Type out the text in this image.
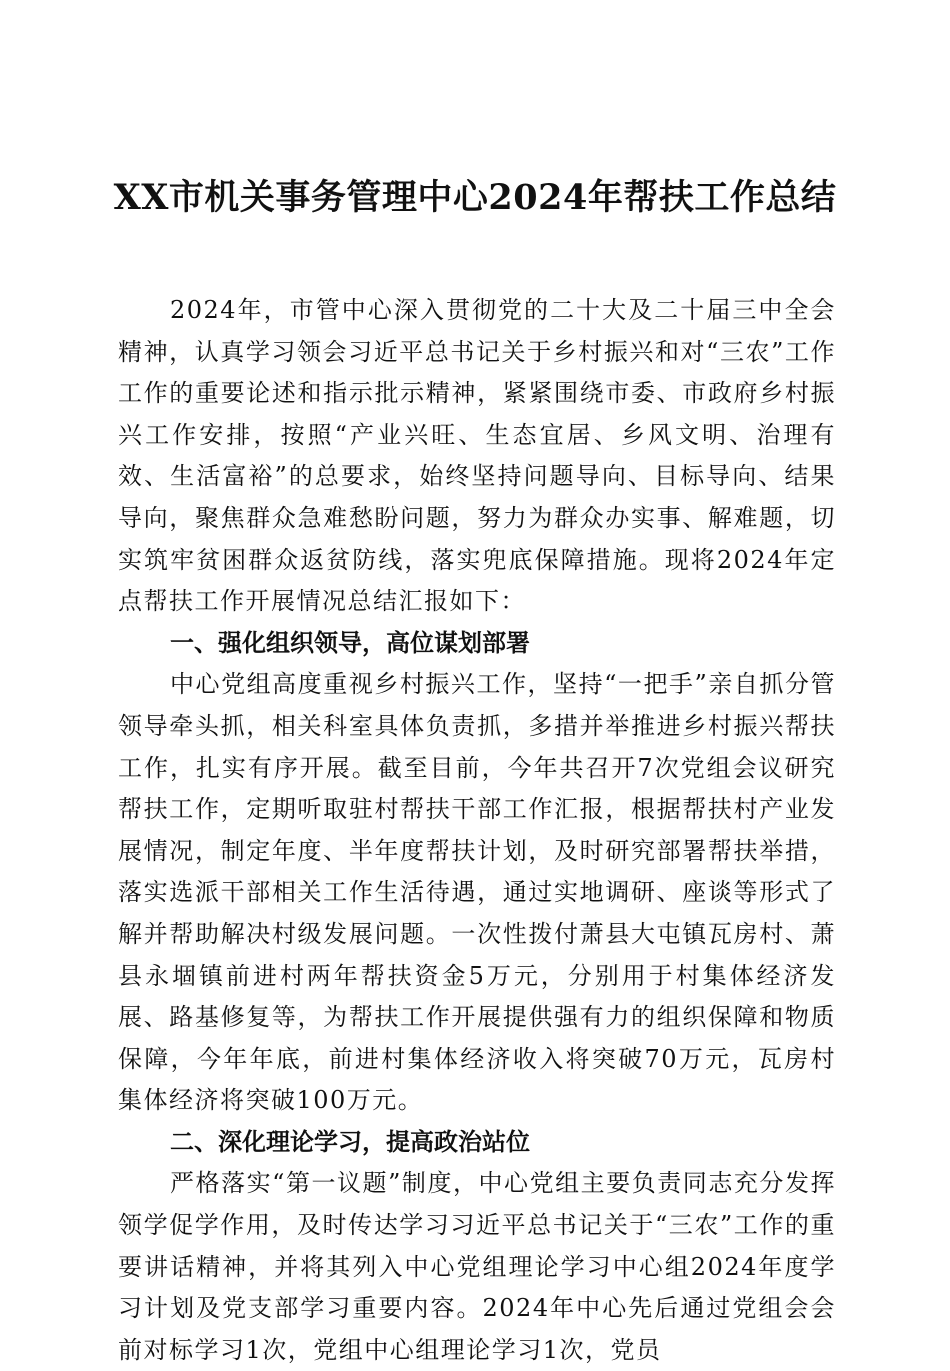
XX市机关事务管理中心2024年帮扶工作总结

2024年，市管中心深入贯彻党的二十大及二十届三中全会精神，认真学习领会习近平总书记关于乡村振兴和对“三农”工作工作的重要论述和指示批示精神，紧紧围绕市委、市政府乡村振兴工作安排，按照“产业兴旺、生态宜居、乡风文明、治理有效、生活富裕”的总要求，始终坚持问题导向、目标导向、结果导向，聚焦群众急难愁盼问题，努力为群众办实事、解难题，切实筑牢贫困群众返贫防线，落实兜底保障措施。现将2024年定点帮扶工作开展情况总结汇报如下：

一、强化组织领导，高位谋划部署

中心党组高度重视乡村振兴工作，坚持“一把手”亲自抓分管领导牵头抓，相关科室具体负责抓，多措并举推进乡村振兴帮扶工作，扎实有序开展。截至目前，今年共召开7次党组会议研究帮扶工作，定期听取驻村帮扶干部工作汇报，根据帮扶村产业发展情况，制定年度、半年度帮扶计划，及时研究部署帮扶举措，落实选派干部相关工作生活待遇，通过实地调研、座谈等形式了解并帮助解决村级发展问题。一次性拨付萧县大屯镇瓦房村、萧县永堌镇前进村两年帮扶资金5万元，分别用于村集体经济发展、路基修复等，为帮扶工作开展提供强有力的组织保障和物质保障，今年年底，前进村集体经济收入将突破70万元，瓦房村集体经济将突破100万元。

二、深化理论学习，提高政治站位

严格落实“第一议题”制度，中心党组主要负责同志充分发挥领学促学作用，及时传达学习习近平总书记关于“三农”工作的重要讲话精神，并将其列入中心党组理论学习中心组2024年度学习计划及党支部学习重要内容。2024年中心先后通过党组会会前对标学习1次，党组中心组理论学习1次，党员
